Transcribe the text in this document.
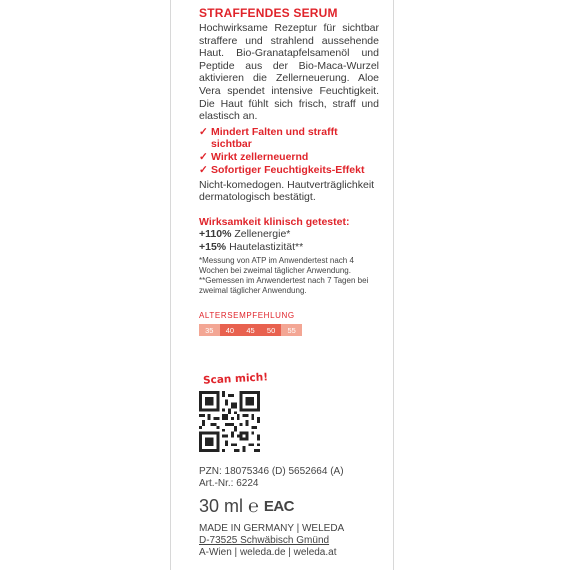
STRAFFENDES SERUM
Hochwirksame Rezeptur für sichtbar straffere und strahlend aussehende Haut. Bio-Granatapfelsamenöl und Peptide aus der Bio-Maca-Wurzel aktivieren die Zellerneuerung. Aloe Vera spendet intensive Feuchtigkeit. Die Haut fühlt sich frisch, straff und elastisch an.
✓ Mindert Falten und strafft sichtbar
✓ Wirkt zellerneuernd
✓ Sofortiger Feuchtigkeits-Effekt
Nicht-komedogen. Hautverträglichkeit dermatologisch bestätigt.
Wirksamkeit klinisch getestet:
+110% Zellenergie*
+15% Hautelastizität**

*Messung von ATP im Anwendertest nach 4 Wochen bei zweimal täglicher Anwendung.

**Gemessen im Anwendertest nach 7 Tagen bei zweimal täglicher Anwendung.

ALTERSEMPFEHLUNG
35	40	45	50	55
Scan mich!
PZN: 18075346 (D) 5652664 (A)
Art.-Nr.: 6224
30 ml ℮ EAC
MADE IN GERMANY | WELEDA
D-73525 Schwäbisch Gmünd
A-Wien | weleda.de | weleda.at
